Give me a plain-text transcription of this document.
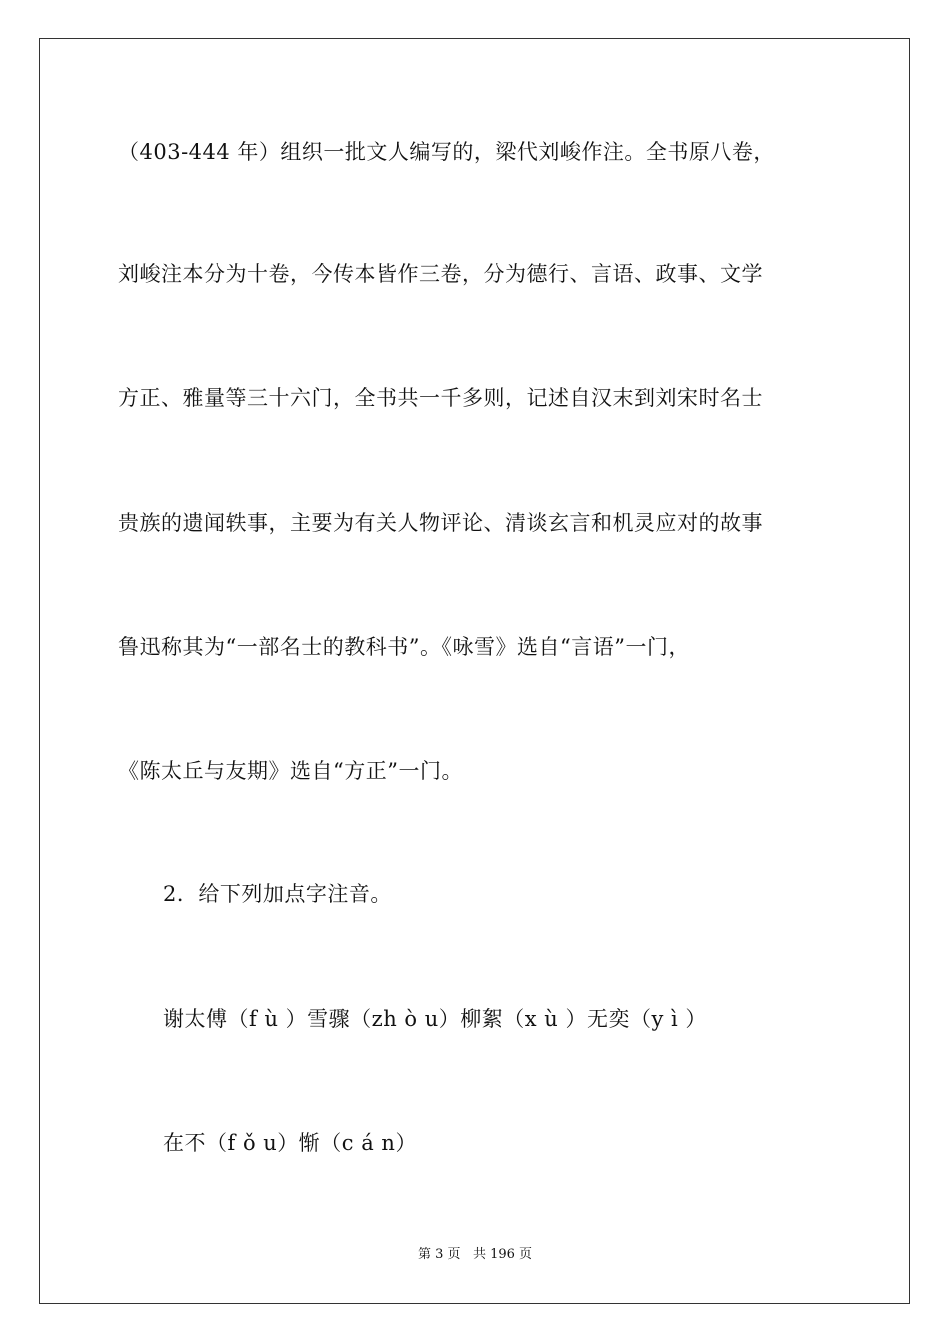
（403-444 年）组织一批文人编写的，梁代刘峻作注。全书原八卷，
刘峻注本分为十卷，今传本皆作三卷，分为德行、言语、政事、文学
方正、雅量等三十六门，全书共一千多则，记述自汉末到刘宋时名士
贵族的遗闻轶事，主要为有关人物评论、清谈玄言和机灵应对的故事
鲁迅称其为“一部名士的教科书”。《咏雪》选自“言语”一门，
《陈太丘与友期》选自“方正”一门。
2．给下列加点字注音。
谢太傅（f ù ）雪骤（zh ò u）柳絮（x ù ）无奕（y ì ）
在不（f ǒ u）惭（c á n）
第 3 页 共 196 页
